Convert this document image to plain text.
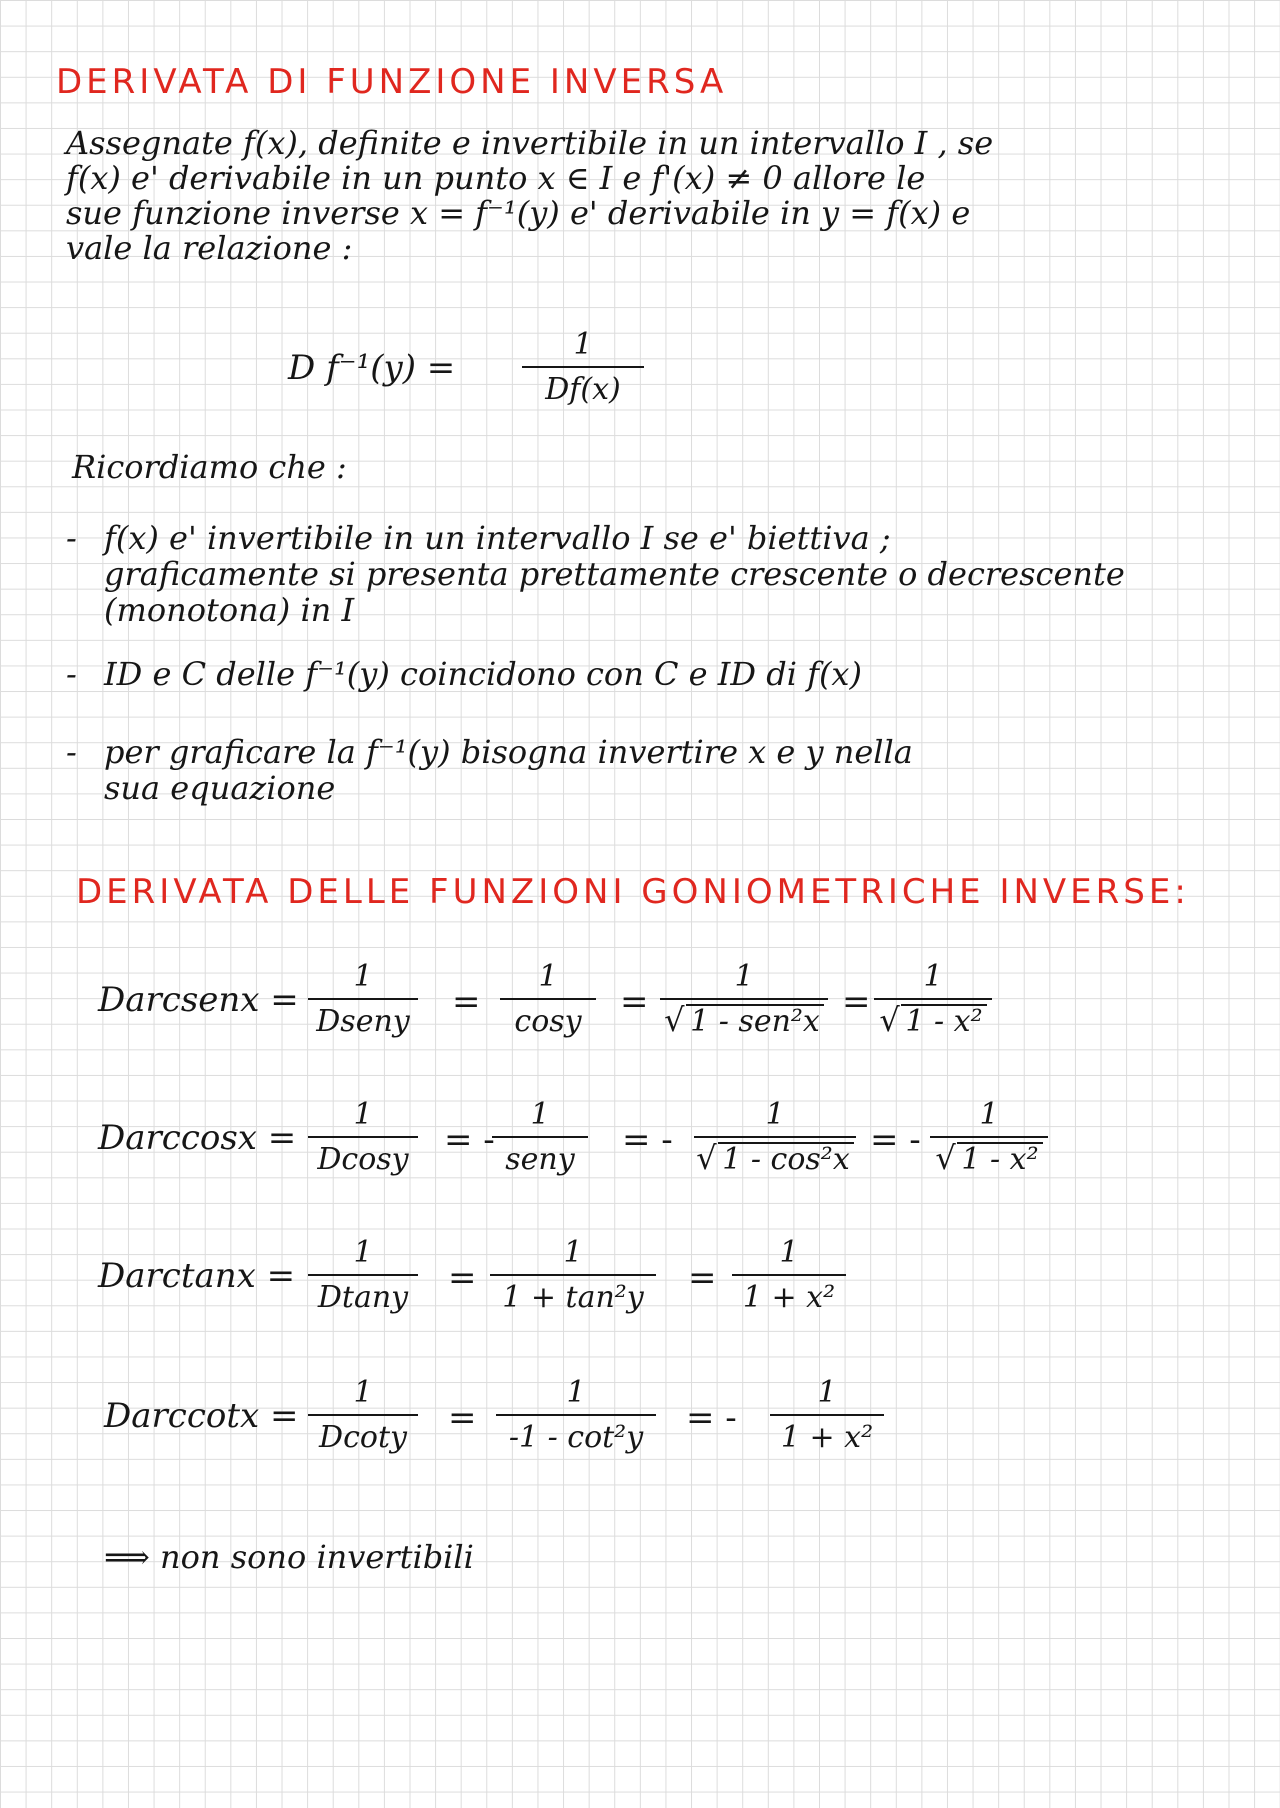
DERIVATA DI FUNZIONE INVERSA
Assegnate f(x), definite e invertibile in un intervallo I , se
f(x) e' derivabile in un punto x ∈ I e f'(x) ≠ 0 allore le
sue funzione inverse x = f⁻¹(y) e' derivabile in y = f(x) e
vale la relazione :
D f⁻¹(y) =
1
Df(x)
Ricordiamo che :
- f(x) e' invertibile in un intervallo I se e' biettiva ;
graficamente si presenta prettamente crescente o decrescente
(monotona) in I
- ID e C delle f⁻¹(y) coincidono con C e ID di f(x)
- per graficare la f⁻¹(y) bisogna invertire x e y nella
sua equazione
DERIVATA DELLE FUNZIONI GONIOMETRICHE INVERSE:
Darcsenx =
1
Dseny =
1
cosy	=
1
√ 1 - sen²x =
1
√ 1 - x²
Darccosx =
1
Dcosy = -
1
seny	= -
1
√ 1 - cos²x = -
1
√ 1 - x²
Darctanx =
1
Dtany =
1
1 + tan²y	=
1
1 + x²
Darccotx =
1
Dcoty	=
1
-1 - cot²y	= -
1
1 + x²
⟹ non sono invertibili
